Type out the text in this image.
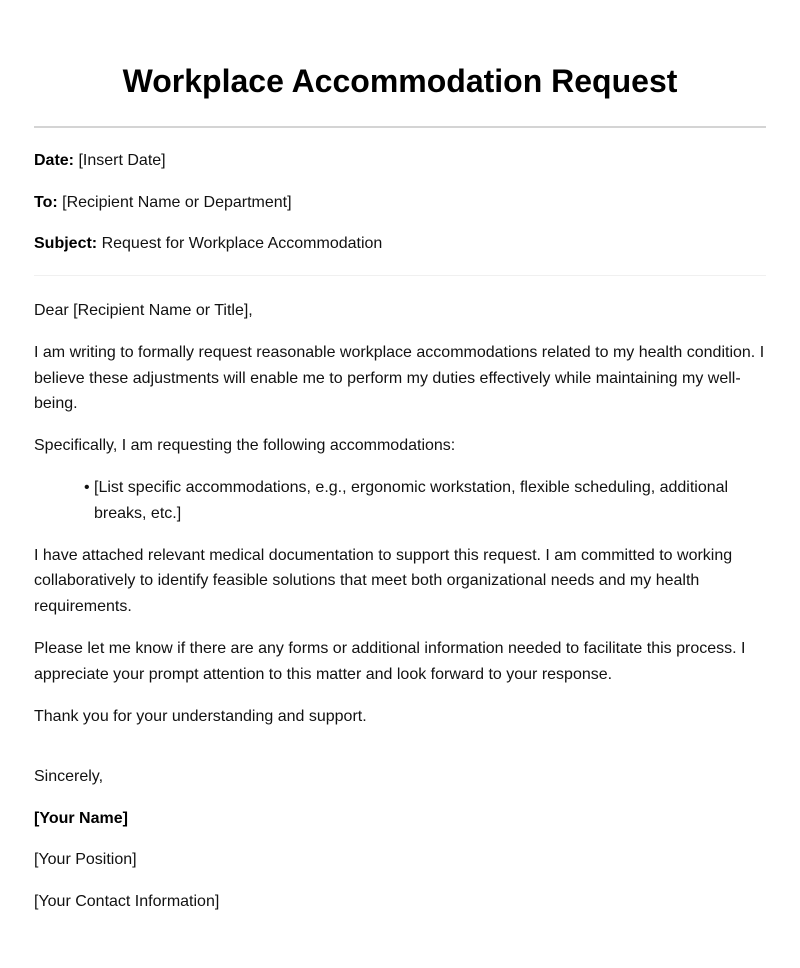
Workplace Accommodation Request
Date: [Insert Date]
To: [Recipient Name or Department]
Subject: Request for Workplace Accommodation

Dear [Recipient Name or Title],

I am writing to formally request reasonable workplace accommodations related to my health condition. I believe these adjustments will enable me to perform my duties effectively while maintaining my well-being.

Specifically, I am requesting the following accommodations:

• [List specific accommodations, e.g., ergonomic workstation, flexible scheduling, additional breaks, etc.]

I have attached relevant medical documentation to support this request. I am committed to working collaboratively to identify feasible solutions that meet both organizational needs and my health requirements.

Please let me know if there are any forms or additional information needed to facilitate this process. I appreciate your prompt attention to this matter and look forward to your response.

Thank you for your understanding and support.

Sincerely,
[Your Name]
[Your Position]
[Your Contact Information]
